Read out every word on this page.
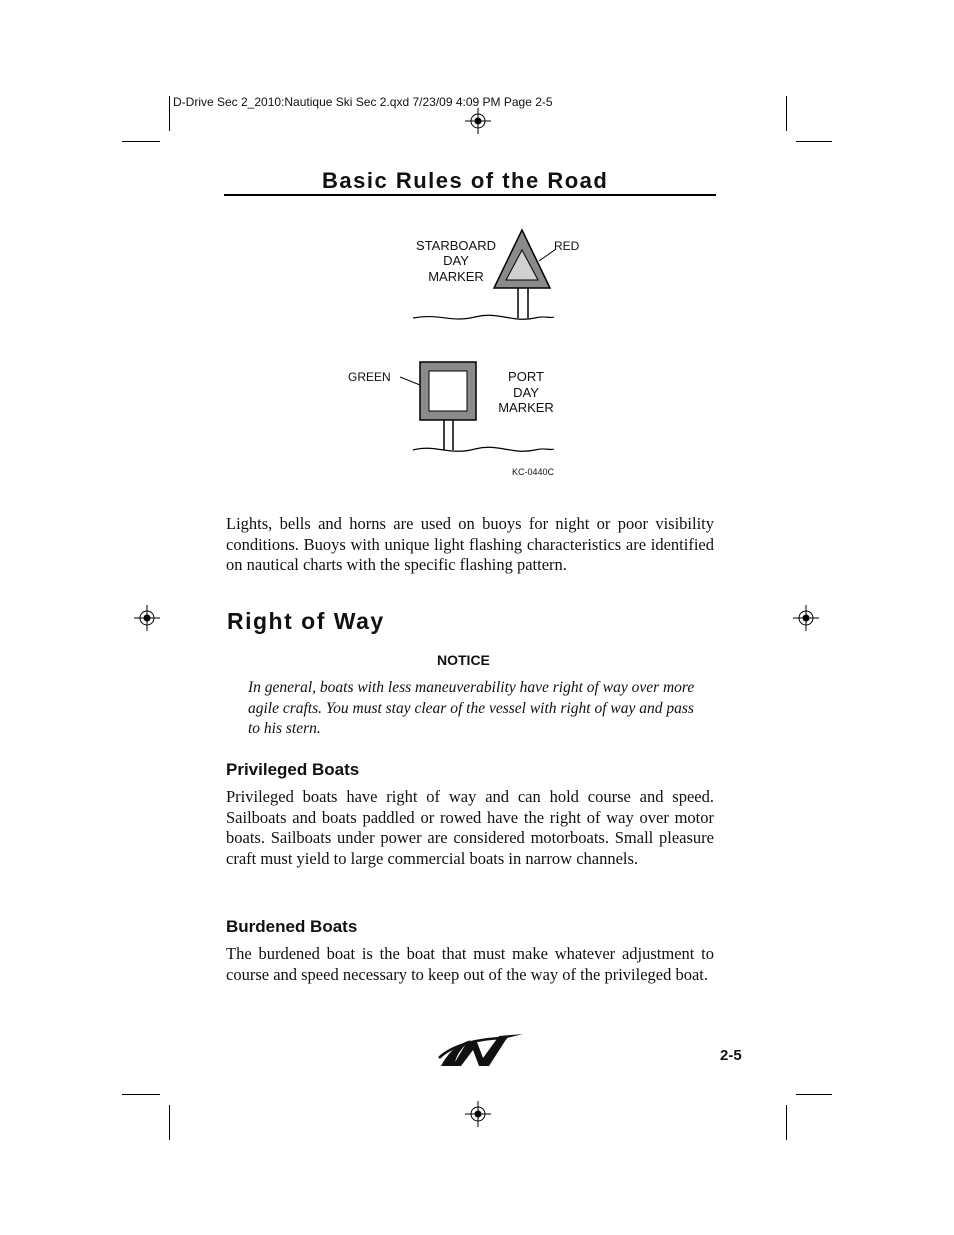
D-Drive Sec 2_2010:Nautique Ski Sec 2.qxd 7/23/09 4:09 PM Page 2-5
Basic Rules of the Road
STARBOARD
DAY
MARKER
RED
GREEN	PORT
DAY
MARKER
KC-0440C
Lights, bells and horns are used on buoys for night or poor visibility conditions. Buoys with unique light flashing characteristics are identified on nautical charts with the specific flashing pattern.
Right of Way
NOTICE
In general, boats with less maneuverability have right of way over more agile crafts. You must stay clear of the vessel with right of way and pass to his stern.
Privileged Boats
Privileged boats have right of way and can hold course and speed. Sailboats and boats paddled or rowed have the right of way over motor boats. Sailboats under power are considered motorboats. Small pleasure craft must yield to large commercial boats in narrow channels.
Burdened Boats
The burdened boat is the boat that must make whatever adjustment to course and speed necessary to keep out of the way of the privileged boat.
2-5
